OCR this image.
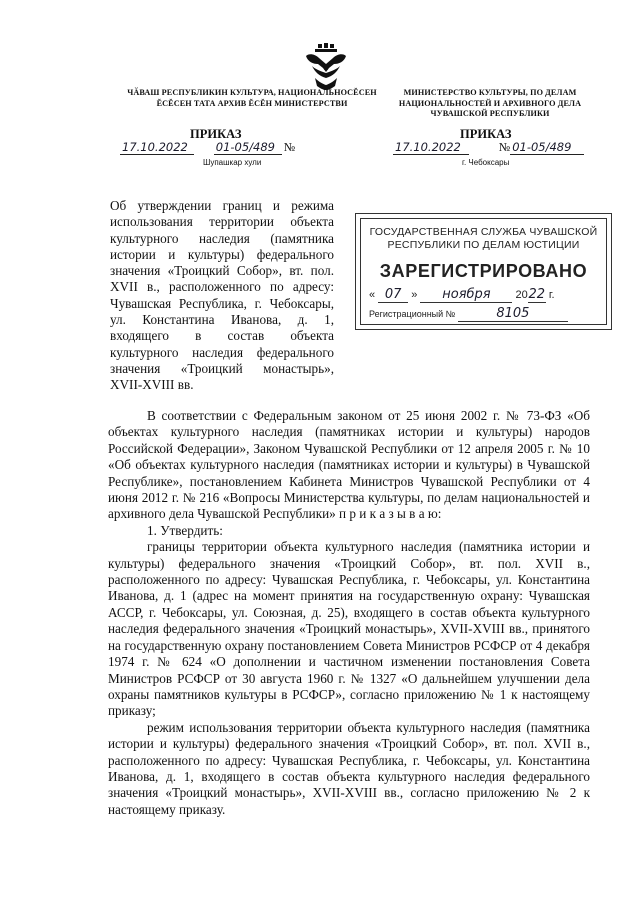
ЧӐВАШ РЕСПУБЛИКИН КУЛЬТУРА, НАЦИОНАЛЬНОСĔСЕН ĔСĔСЕН ТАТА АРХИВ ĔСĔН МИНИСТЕРСТВИ
МИНИСТЕРСТВО КУЛЬТУРЫ, ПО ДЕЛАМ НАЦИОНАЛЬНОСТЕЙ И АРХИВНОГО ДЕЛА ЧУВАШСКОЙ РЕСПУБЛИКИ
ПРИКАЗ	ПРИКАЗ
17.10.2022 01-05/489 №	17.10.2022	№ 01-05/489
Шупашкар хули	г. Чебоксары
Об утверждении границ и режима использования территории объекта культурного наследия (памятника истории и культуры) федерального значения «Троицкий Собор», вт. пол. XVII в., расположенного по адресу: Чувашская Республика, г. Чебоксары, ул. Константина Иванова, д. 1, входящего в состав объекта культурного наследия федерального значения «Троицкий монастырь», XVII-XVIII вв.
ГОСУДАРСТВЕННАЯ СЛУЖБА ЧУВАШСКОЙ
РЕСПУБЛИКИ ПО ДЕЛАМ ЮСТИЦИИ
ЗАРЕГИСТРИРОВАНО
« 07 » ноября 2022 г.
Регистрационный №	8105

В соответствии с Федеральным законом от 25 июня 2002 г. № 73-ФЗ «Об объектах культурного наследия (памятниках истории и культуры) народов Российской Федерации», Законом Чувашской Республики от 12 апреля 2005 г. № 10 «Об объектах культурного наследия (памятниках истории и культуры) в Чувашской Республике», постановлением Кабинета Министров Чувашской Республики от 4 июня 2012 г. № 216 «Вопросы Министерства культуры, по делам национальностей и архивного дела Чувашской Республики» п р и к а з ы в а ю:

1. Утвердить:

границы территории объекта культурного наследия (памятника истории и культуры) федерального значения «Троицкий Собор», вт. пол. XVII в., расположенного по адресу: Чувашская Республика, г. Чебоксары, ул. Константина Иванова, д. 1 (адрес на момент принятия на государственную охрану: Чувашская АССР, г. Чебоксары, ул. Союзная, д. 25), входящего в состав объекта культурного наследия федерального значения «Троицкий монастырь», XVII-XVIII вв., принятого на государственную охрану постановлением Совета Министров РСФСР от 4 декабря 1974 г. № 624 «О дополнении и частичном изменении постановления Совета Министров РСФСР от 30 августа 1960 г. № 1327 «О дальнейшем улучшении дела охраны памятников культуры в РСФСР», согласно приложению № 1 к настоящему приказу;

режим использования территории объекта культурного наследия (памятника истории и культуры) федерального значения «Троицкий Собор», вт. пол. XVII в., расположенного по адресу: Чувашская Республика, г. Чебоксары, ул. Константина Иванова, д. 1, входящего в состав объекта культурного наследия федерального значения «Троицкий монастырь», XVII-XVIII вв., согласно приложению № 2 к настоящему приказу.
